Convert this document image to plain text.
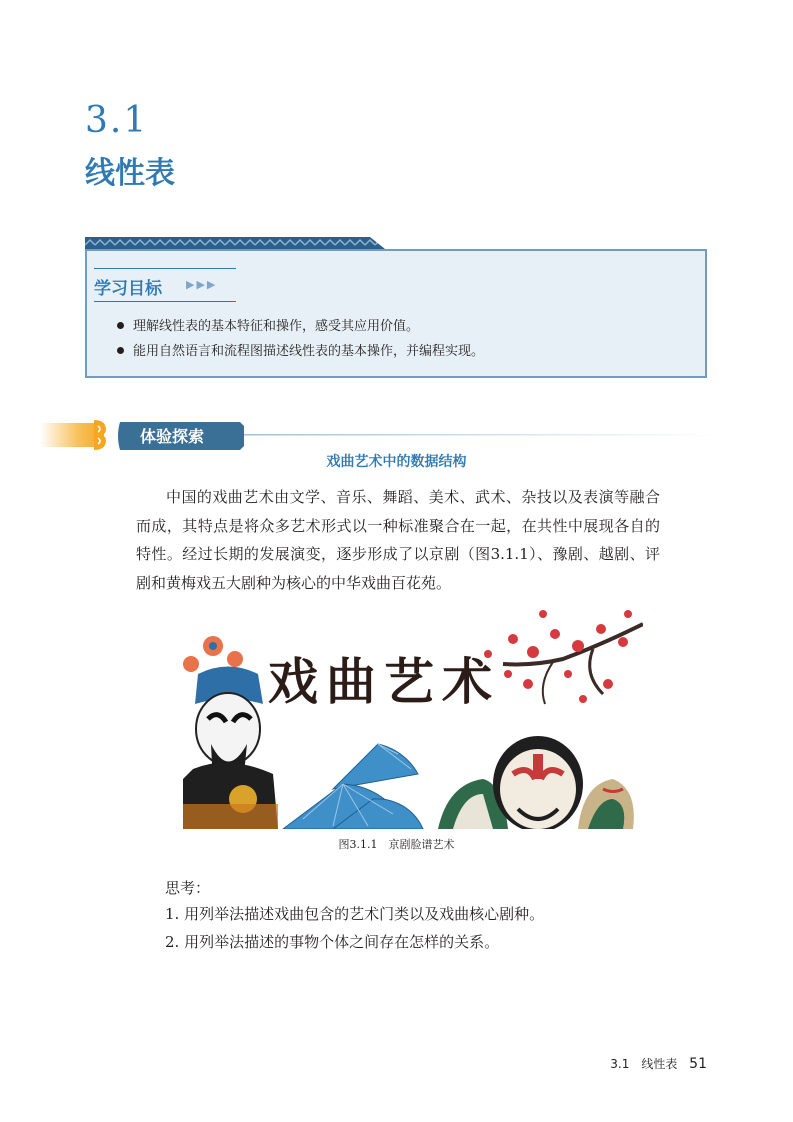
3.1
线性表
学习目标 ▶▶▶
理解线性表的基本特征和操作，感受其应用价值。
能用自然语言和流程图描述线性表的基本操作，并编程实现。
体验探索
戏曲艺术中的数据结构
中国的戏曲艺术由文学、音乐、舞蹈、美术、武术、杂技以及表演等融合而成，其特点是将众多艺术形式以一种标准聚合在一起，在共性中展现各自的特性。经过长期的发展演变，逐步形成了以京剧（图3.1.1）、豫剧、越剧、评剧和黄梅戏五大剧种为核心的中华戏曲百花苑。
戏曲艺术
图3.1.1　京剧脸谱艺术
思考：
1. 用列举法描述戏曲包含的艺术门类以及戏曲核心剧种。
2. 用列举法描述的事物个体之间存在怎样的关系。
3.1　线性表 51
